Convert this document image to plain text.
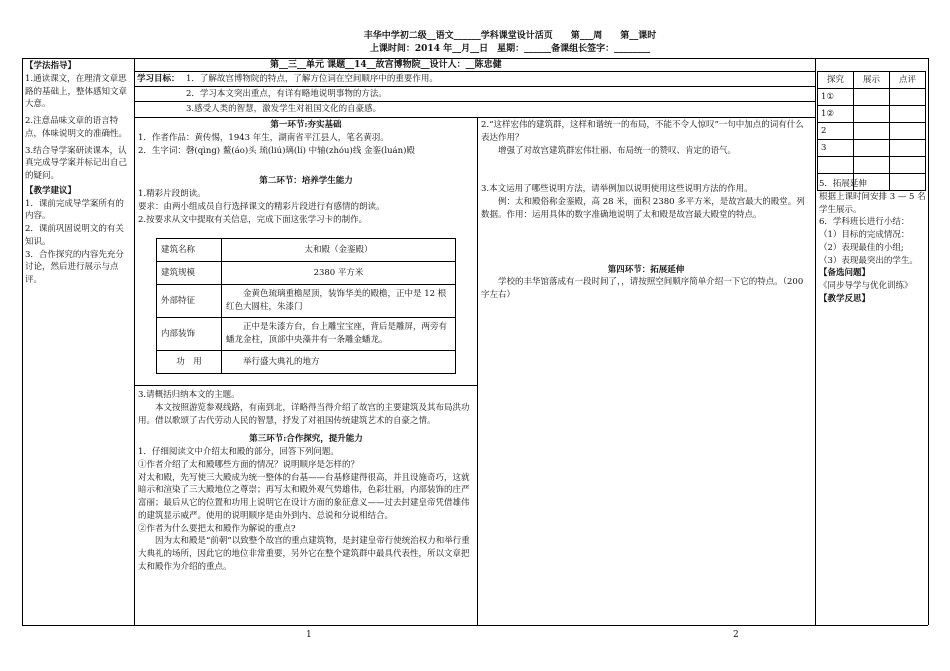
丰华中学初二级__语文______学科课堂设计活页　　第___周　　第__课时
上课时间：2014 年__月__日　星期：______备课组长签字：________
【学法指导】
1.通读课文，在理清文章思路的基础上，整体感知文章大意。
2.注意品味文章的语言特点，体味说明文的准确性。
3.结合导学案研读课本，认真完成导学案并标记出自己的疑问。
【教学建议】
1．课前完成导学案所有的内容。
2．课前巩固说明文的有关知识。
3．合作探究的内容先充分讨论，然后进行展示与点评。
第__三__单元 课题__14__故宫博物院__设计人：__陈忠健
学习目标： 1．了解故宫博物院的特点，了解方位词在空间顺序中的重要作用。
2．学习本文突出重点，有详有略地说明事物的方法。
3.感受人类的智慧，激发学生对祖国文化的自豪感。
第一环节:夯实基础
1．作者作品：黄传惕，1943 年生，湖南省平江县人，笔名黄羽。
2．生字词：磬(qìng) 鳌(áo)头 琉(liú)璃(lí) 中轴(zhóu)线 金銮(luán)殿
第二环节：培养学生能力
1.精彩片段朗读。
要求：由两小组成员自行选择课文的精彩片段进行有感情的朗读。
2.按要求从文中提取有关信息，完成下面这张学习卡的制作。
建筑名称	太和殿（金銮殿）
建筑规模	2380 平方米
外部特征	金黄色琉璃重檐屋顶，装饰华美的殿檐，正中是 12 根红色大圆柱，朱漆门
内部装饰	正中是朱漆方台，台上雕宝宝座，背后是雕屏，两旁有蟠龙金柱，顶部中央藻井有一条雕金蟠龙。
功　用	举行盛大典礼的地方
3.请概括归纳本文的主题。
本文按照游览参观线路，有南到北，详略得当得介绍了故宫的主要建筑及其布局洪功用。借以歌颂了古代劳动人民的智慧，抒发了对祖国传统建筑艺术的自豪之情。
第三环节:合作探究，提升能力
1．仔细阅读文中介绍太和殿的部分，回答下列问题。
①作者介绍了太和殿哪些方面的情况？说明顺序是怎样的？
对太和殿，先写使三大殿成为统一整体的台基——台基修建得很高，并且设施奇巧，这就暗示和渲染了三大殿地位之尊崇；再写太和殿外观气势雄伟，色彩壮丽，内部装饰的庄严富丽；最后从它的位置和功用上说明它在设计方面的象征意义——过去封建皇帝凭借雄伟的建筑显示威严。使用的说明顺序是由外到内、总说和分说相结合。
②作者为什么要把太和殿作为解说的重点?
因为太和殿是“前朝”以致整个故宫的重点建筑物，是封建皇帝行使统治权力和举行重大典礼的场所，因此它的地位非常重要，另外它在整个建筑群中最具代表性，所以文章把太和殿作为介绍的重点。
2.“这样宏伟的建筑群，这样和谐统一的布局，不能不令人惊叹”一句中加点的词有什么表达作用？
增强了对故宫建筑群宏伟壮丽、布局统一的赞叹、肯定的语气。
3.本文运用了哪些说明方法，请举例加以说明使用这些说明方法的作用。
例：太和殿俗称金銮殿，高 28 米，面积 2380 多平方米，是故宫最大的殿堂。列数据。作用：运用具体的数字准确地说明了太和殿是故宫最大殿堂的特点。
第四环节：拓展延伸
学校的丰华馆落成有一段时间了，，请按照空间顺序简单介绍一下它的特点。（200 字左右）
探究	展示	点评
1①		
1②		
2		
3		

5．拓展延伸
根据上课时间安排 3 — 5 名学生展示。
6．学科班长进行小结：
（1）目标的完成情况：
（2）表现最佳的小组;
（3）表现最突出的学生。
【备选问题】
《同步导学与优化训练》
【教学反思】
1	2
